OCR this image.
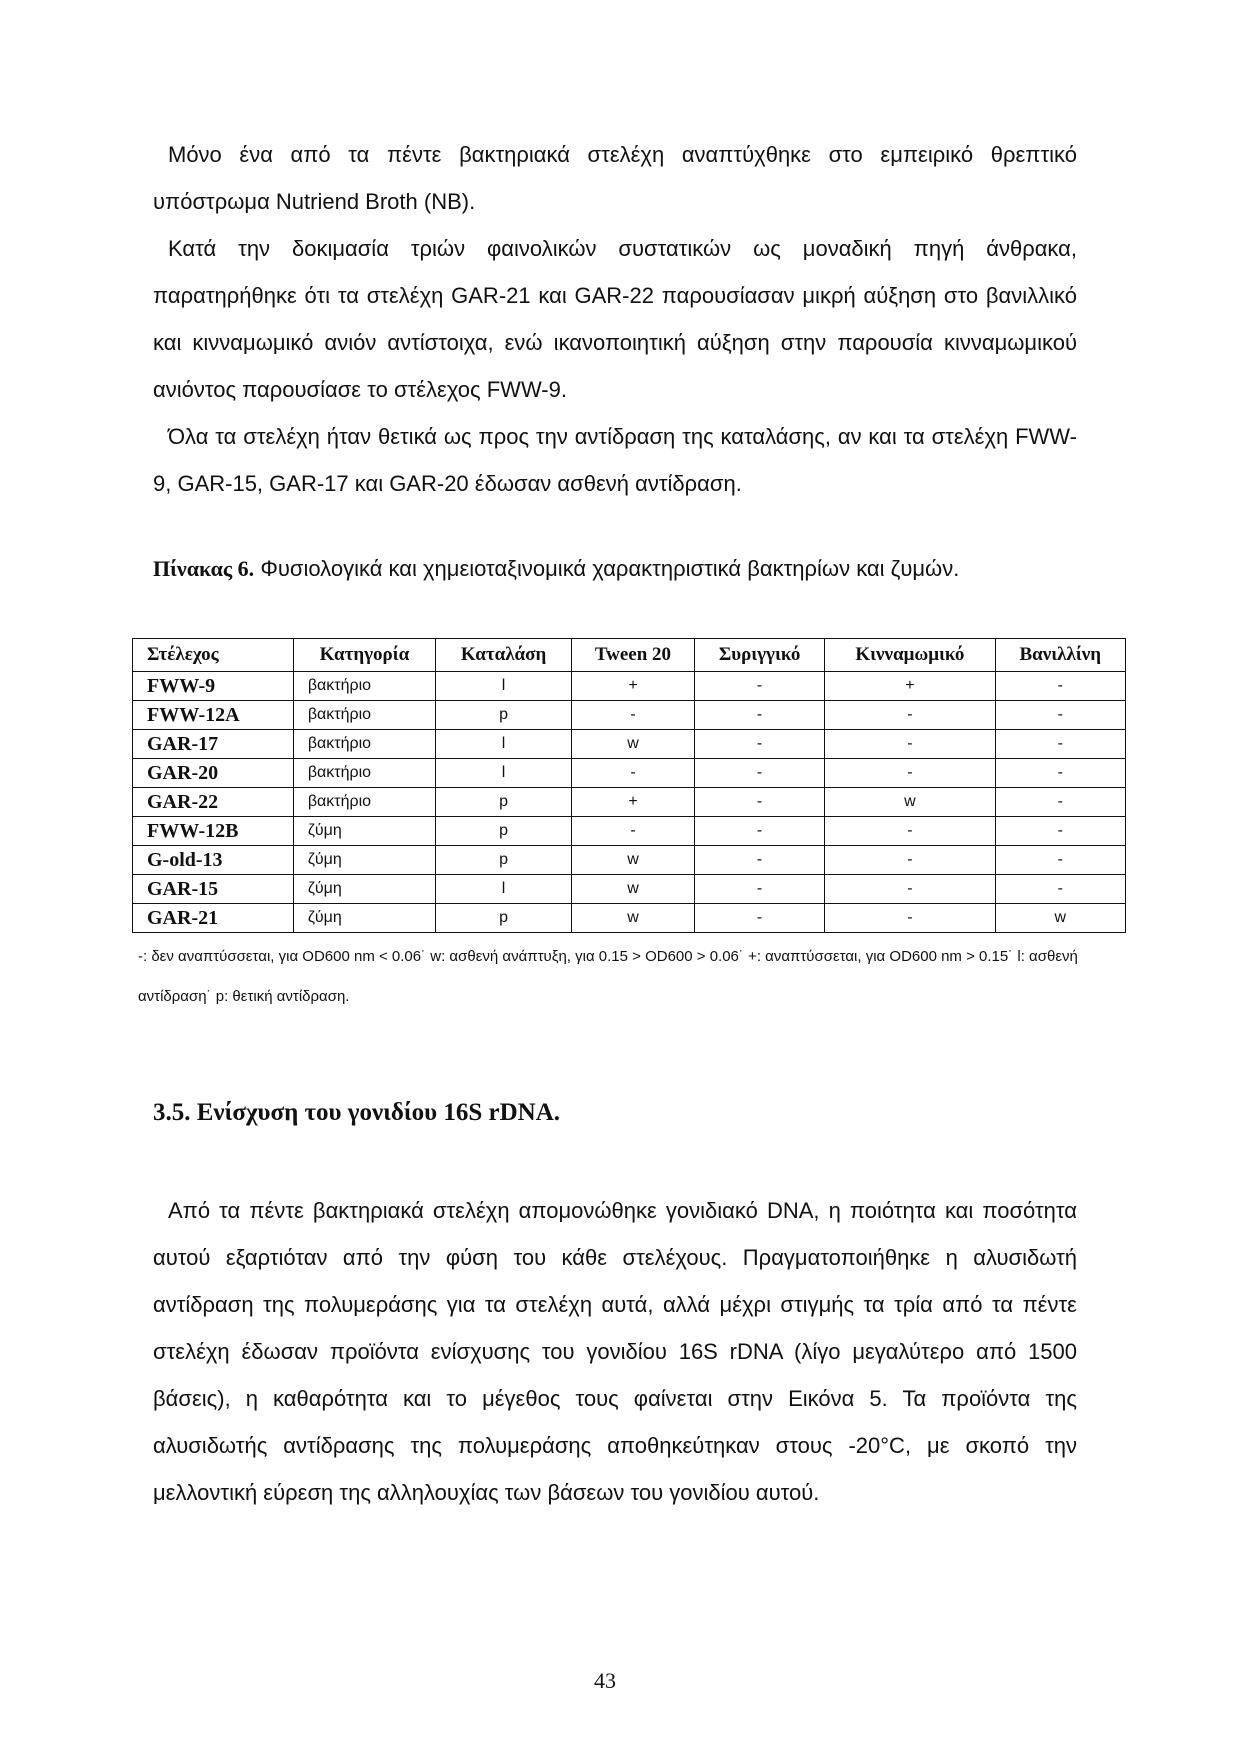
Μόνο ένα από τα πέντε βακτηριακά στελέχη αναπτύχθηκε στο εμπειρικό θρεπτικό υπόστρωμα Nutriend Broth (NB).

Κατά την δοκιμασία τριών φαινολικών συστατικών ως μοναδική πηγή άνθρακα, παρατηρήθηκε ότι τα στελέχη GAR-21 και GAR-22 παρουσίασαν μικρή αύξηση στο βανιλλικό και κινναμωμικό ανιόν αντίστοιχα, ενώ ικανοποιητική αύξηση στην παρουσία κινναμωμικού ανιόντος παρουσίασε το στέλεχος FWW-9.

Όλα τα στελέχη ήταν θετικά ως προς την αντίδραση της καταλάσης, αν και τα στελέχη FWW-9, GAR-15, GAR-17 και GAR-20 έδωσαν ασθενή αντίδραση.

Πίνακας 6. Φυσιολογικά και χημειοταξινομικά χαρακτηριστικά βακτηρίων και ζυμών.

Στέλεχος	Κατηγορία	Καταλάση	Tween 20	Συριγγικό	Κινναμωμικό	Βανιλλίνη
FWW-9	βακτήριο	l	+	-	+	-
FWW-12A	βακτήριο	p	-	-	-	-
GAR-17	βακτήριο	l	w	-	-	-
GAR-20	βακτήριο	l	-	-	-	-
GAR-22	βακτήριο	p	+	-	w	-
FWW-12B	ζύμη	p	-	-	-	-
G-old-13	ζύμη	p	w	-	-	-
GAR-15	ζύμη	l	w	-	-	-
GAR-21	ζύμη	p	w	-	-	w

-: δεν αναπτύσσεται, για OD600 nm < 0.06˙ w: ασθενή ανάπτυξη, για 0.15 > OD600 > 0.06˙ +: αναπτύσσεται, για OD600 nm > 0.15˙ l: ασθενή αντίδραση˙ p: θετική αντίδραση.

3.5. Ενίσχυση του γονιδίου 16S rDNA.

Από τα πέντε βακτηριακά στελέχη απομονώθηκε γονιδιακό DNA, η ποιότητα και ποσότητα αυτού εξαρτιόταν από την φύση του κάθε στελέχους. Πραγματοποιήθηκε η αλυσιδωτή αντίδραση της πολυμεράσης για τα στελέχη αυτά, αλλά μέχρι στιγμής τα τρία από τα πέντε στελέχη έδωσαν προϊόντα ενίσχυσης του γονιδίου 16S rDNA (λίγο μεγαλύτερο από 1500 βάσεις), η καθαρότητα και το μέγεθος τους φαίνεται στην Εικόνα 5. Τα προϊόντα της αλυσιδωτής αντίδρασης της πολυμεράσης αποθηκεύτηκαν στους -20°C, με σκοπό την μελλοντική εύρεση της αλληλουχίας των βάσεων του γονιδίου αυτού.

43
